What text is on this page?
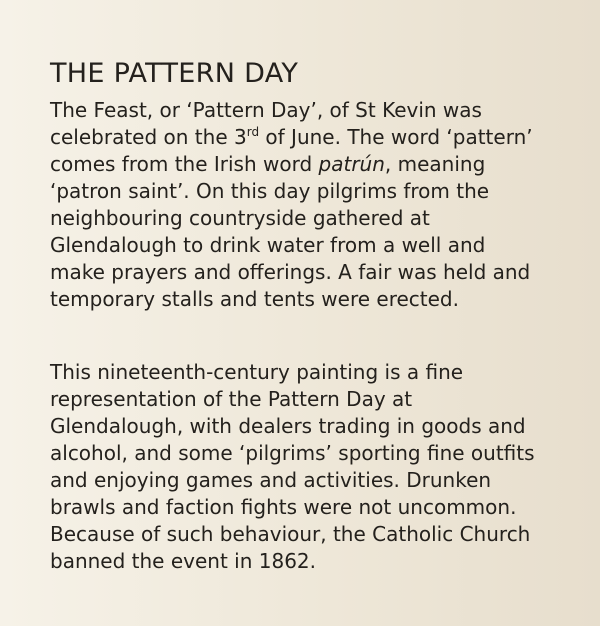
THE PATTERN DAY
The Feast, or ‘Pattern Day’, of St Kevin was
celebrated on the 3rd of June. The word ‘pattern’
comes from the Irish word patrún, meaning
‘patron saint’. On this day pilgrims from the
neighbouring countryside gathered at
Glendalough to drink water from a well and
make prayers and offerings. A fair was held and
temporary stalls and tents were erected.
This nineteenth-century painting is a fine
representation of the Pattern Day at
Glendalough, with dealers trading in goods and
alcohol, and some ‘pilgrims’ sporting fine outfits
and enjoying games and activities. Drunken
brawls and faction fights were not uncommon.
Because of such behaviour, the Catholic Church
banned the event in 1862.
